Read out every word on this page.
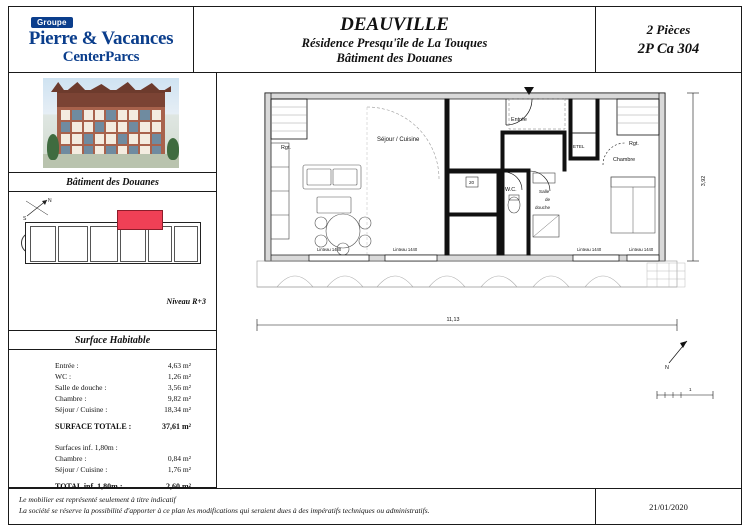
Groupe
Pierre & Vacances
CenterParcs
DEAUVILLE
Résidence Presqu'île de La Touques
Bâtiment des Douanes
2 Pièces
2P Ca 304
Bâtiment des Douanes
N
S
Niveau R+3
Surface Habitable
Entrée :	4,63 m²
WC :	1,26 m²
Salle de douche :	3,56 m²
Chambre :	9,82 m²
Séjour / Cuisine :	18,34 m²
SURFACE TOTALE :	37,61 m²
Surfaces inf. 1,80m :
Chambre :	0,84 m²
Séjour / Cuisine :	1,76 m²
TOTAL inf. 1,80m :	2,60 m²
Rgt.
Rgt.
Séjour / Cuisine
Entrée
W.C.
20
Salle
de
douche
ETEL
Chambre
Linteau 1480	Linteau 1440	Linteau 1440	Linteau 1440
11,13
3,92
N
1
Le mobilier est représenté seulement à titre indicatif
La société se réserve la possibilité d'apporter à ce plan les modifications qui seraient dues à des impératifs techniques ou administratifs.	21/01/2020
